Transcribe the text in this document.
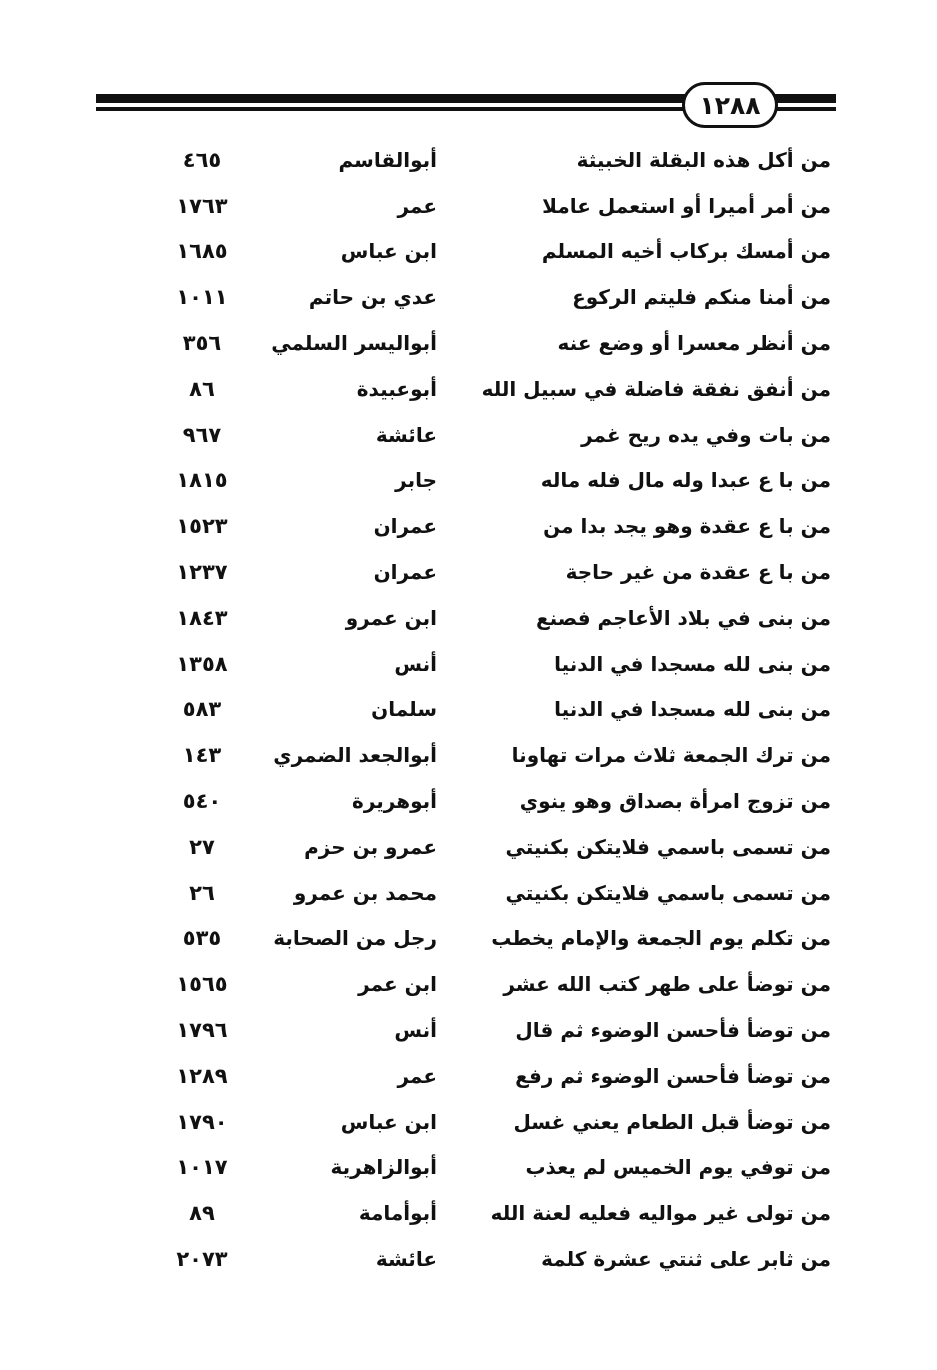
١٢٨٨
من أكل هذه البقلة الخبيثة
أبوالقاسم
٤٦٥
من أمر أميرا أو استعمل عاملا
عمر
١٧٦٣
من أمسك بركاب أخيه المسلم
ابن عباس
١٦٨٥
من أمنا منكم فليتم الركوع
عدي بن حاتم
١٠١١
من أنظر معسرا أو وضع عنه
أبواليسر السلمي
٣٥٦
من أنفق نفقة فاضلة في سبيل الله
أبوعبيدة
٨٦
من بات وفي يده ريح غمر
عائشة
٩٦٧
من با ع عبدا وله مال فله ماله
جابر
١٨١٥
من با ع عقدة وهو يجد بدا من
عمران
١٥٢٣
من با ع عقدة من غير حاجة
عمران
١٢٣٧
من بنى في بلاد الأعاجم فصنع
ابن عمرو
١٨٤٣
من بنى لله مسجدا في الدنيا
أنس
١٣٥٨
من بنى لله مسجدا في الدنيا
سلمان
٥٨٣
من ترك الجمعة ثلاث مرات تهاونا
أبوالجعد الضمري
١٤٣
من تزوج امرأة بصداق وهو ينوي
أبوهريرة
٥٤٠
من تسمى باسمي فلايتكن بكنيتي
عمرو بن حزم
٢٧
من تسمى باسمي فلايتكن بكنيتي
محمد بن عمرو
٢٦
من تكلم يوم الجمعة والإمام يخطب
رجل من الصحابة
٥٣٥
من توضأ على طهر كتب الله عشر
ابن عمر
١٥٦٥
من توضأ فأحسن الوضوء ثم قال
أنس
١٧٩٦
من توضأ فأحسن الوضوء ثم رفع
عمر
١٢٨٩
من توضأ قبل الطعام يعني غسل
ابن عباس
١٧٩٠
من توفي يوم الخميس لم يعذب
أبوالزاهرية
١٠١٧
من تولى غير مواليه فعليه لعنة الله
أبوأمامة
٨٩
من ثابر على ثنتي عشرة كلمة
عائشة
٢٠٧٣
